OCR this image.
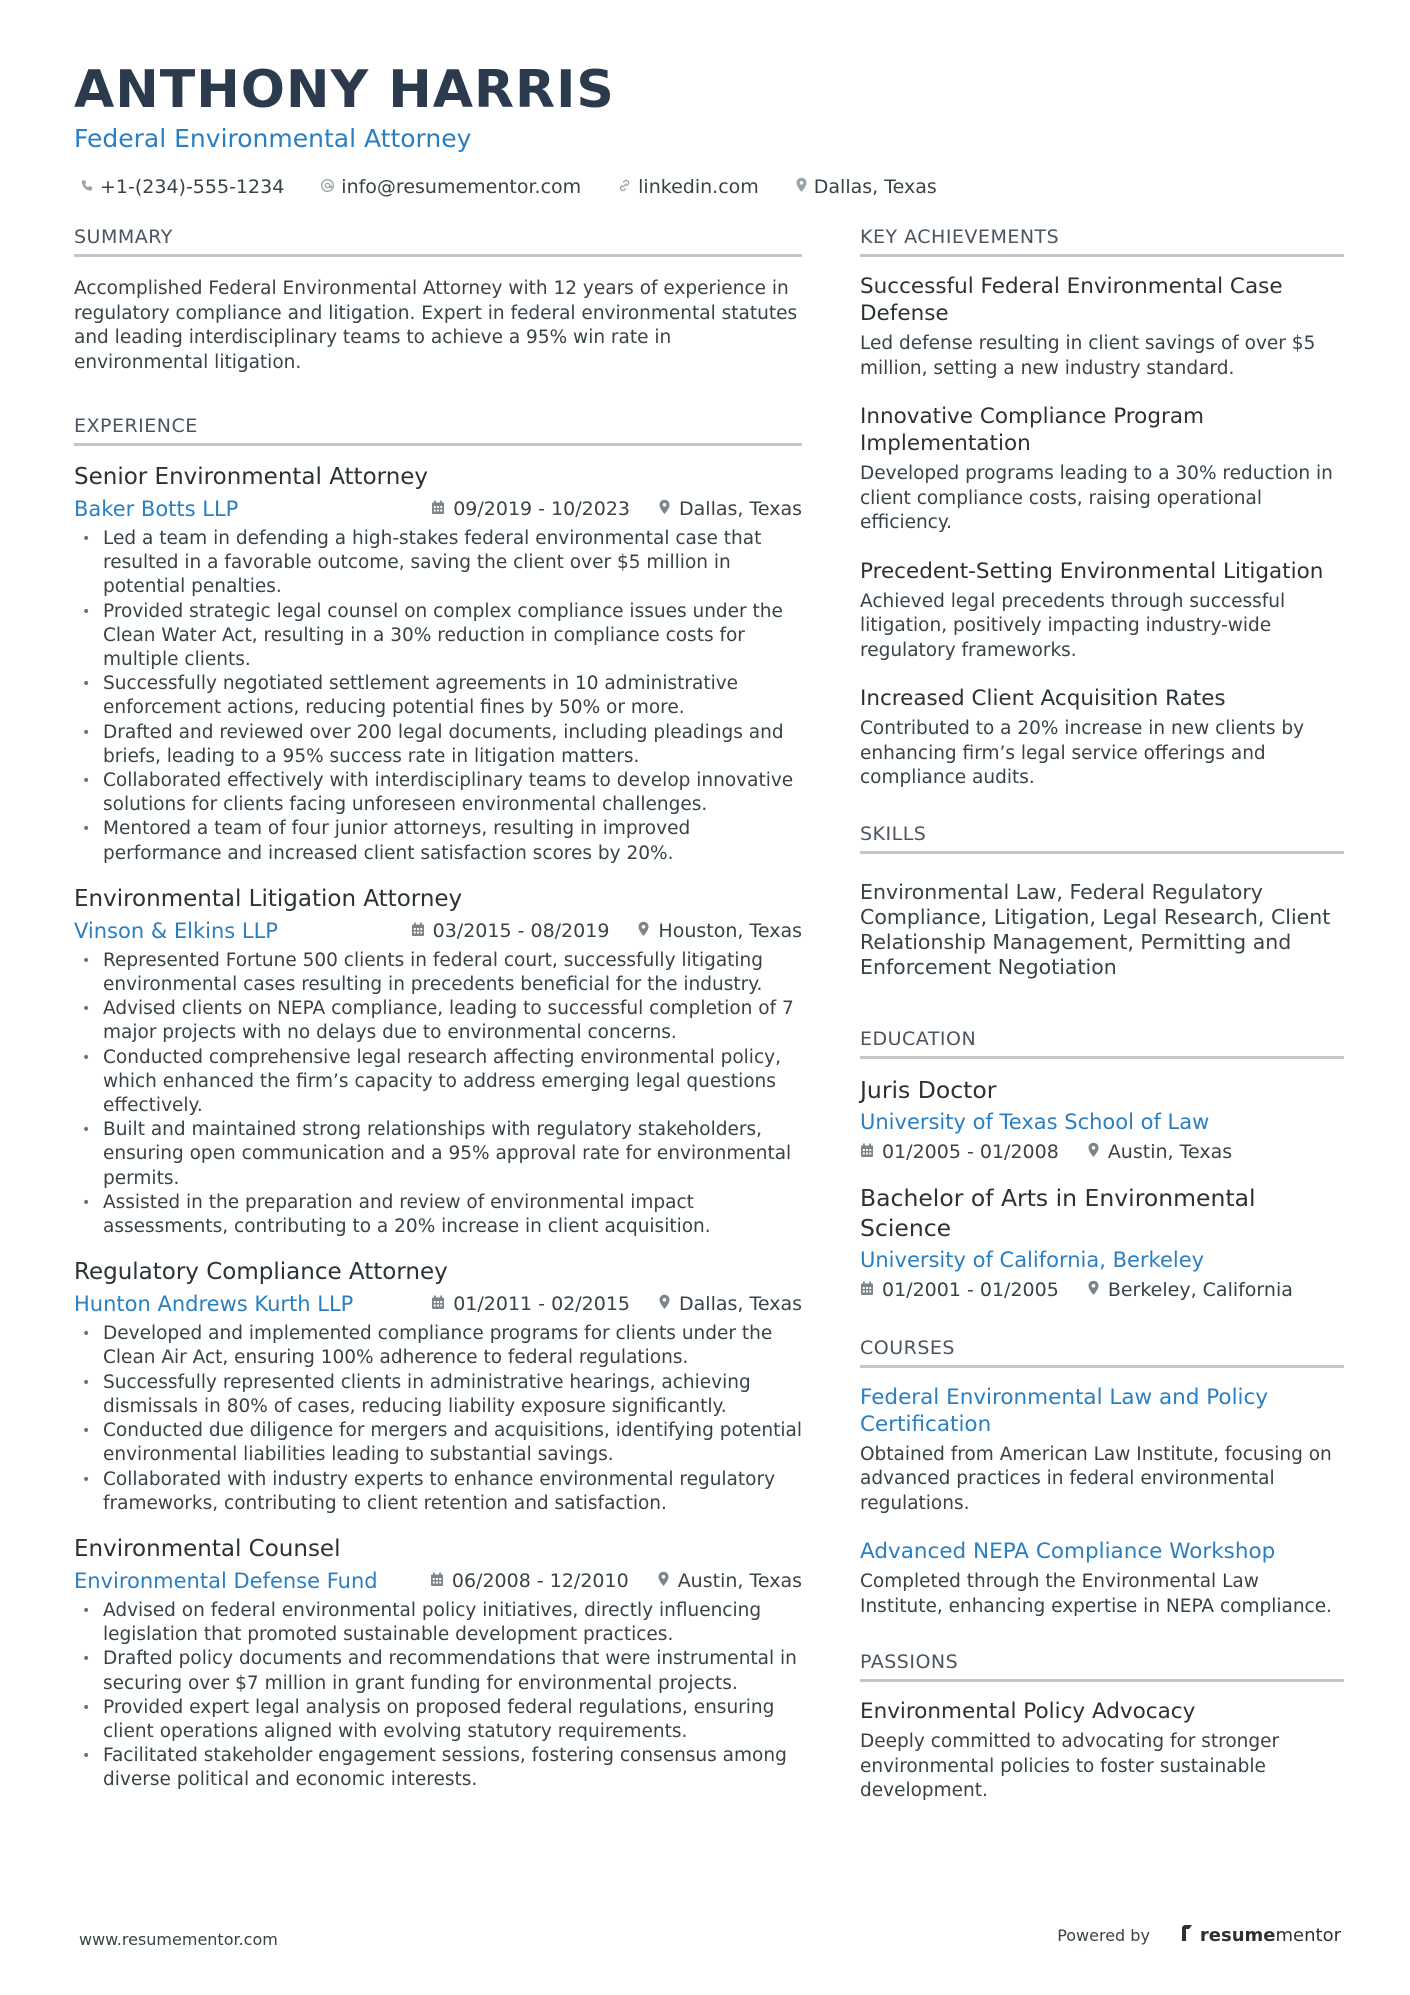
ANTHONY HARRIS
Federal Environmental Attorney
+1-(234)-555-1234	info@resumementor.com	linkedin.com	Dallas, Texas
SUMMARY

Accomplished Federal Environmental Attorney with 12 years of experience in regulatory compliance and litigation. Expert in federal environmental statutes and leading interdisciplinary teams to achieve a 95% win rate in environmental litigation.

EXPERIENCE
Senior Environmental Attorney
Baker Botts LLP	09/2019 - 10/2023	Dallas, Texas
• Led a team in defending a high-stakes federal environmental case that resulted in a favorable outcome, saving the client over $5 million in potential penalties.
• Provided strategic legal counsel on complex compliance issues under the Clean Water Act, resulting in a 30% reduction in compliance costs for multiple clients.
• Successfully negotiated settlement agreements in 10 administrative enforcement actions, reducing potential fines by 50% or more.
• Drafted and reviewed over 200 legal documents, including pleadings and briefs, leading to a 95% success rate in litigation matters.
• Collaborated effectively with interdisciplinary teams to develop innovative solutions for clients facing unforeseen environmental challenges.
• Mentored a team of four junior attorneys, resulting in improved performance and increased client satisfaction scores by 20%.
Environmental Litigation Attorney
Vinson & Elkins LLP	03/2015 - 08/2019	Houston, Texas
• Represented Fortune 500 clients in federal court, successfully litigating environmental cases resulting in precedents beneficial for the industry.
• Advised clients on NEPA compliance, leading to successful completion of 7 major projects with no delays due to environmental concerns.
• Conducted comprehensive legal research affecting environmental policy, which enhanced the firm’s capacity to address emerging legal questions effectively.
• Built and maintained strong relationships with regulatory stakeholders, ensuring open communication and a 95% approval rate for environmental permits.
• Assisted in the preparation and review of environmental impact assessments, contributing to a 20% increase in client acquisition.
Regulatory Compliance Attorney
Hunton Andrews Kurth LLP	01/2011 - 02/2015	Dallas, Texas
• Developed and implemented compliance programs for clients under the Clean Air Act, ensuring 100% adherence to federal regulations.
• Successfully represented clients in administrative hearings, achieving dismissals in 80% of cases, reducing liability exposure significantly.
• Conducted due diligence for mergers and acquisitions, identifying potential environmental liabilities leading to substantial savings.
• Collaborated with industry experts to enhance environmental regulatory frameworks, contributing to client retention and satisfaction.
Environmental Counsel
Environmental Defense Fund	06/2008 - 12/2010	Austin, Texas
• Advised on federal environmental policy initiatives, directly influencing legislation that promoted sustainable development practices.
• Drafted policy documents and recommendations that were instrumental in securing over $7 million in grant funding for environmental projects.
• Provided expert legal analysis on proposed federal regulations, ensuring client operations aligned with evolving statutory requirements.
• Facilitated stakeholder engagement sessions, fostering consensus among diverse political and economic interests.
KEY ACHIEVEMENTS
Successful Federal Environmental Case Defense
Led defense resulting in client savings of over $5 million, setting a new industry standard.
Innovative Compliance Program Implementation
Developed programs leading to a 30% reduction in client compliance costs, raising operational efficiency.
Precedent-Setting Environmental Litigation
Achieved legal precedents through successful litigation, positively impacting industry-wide regulatory frameworks.
Increased Client Acquisition Rates
Contributed to a 20% increase in new clients by enhancing firm’s legal service offerings and compliance audits.
SKILLS
Environmental Law, Federal Regulatory Compliance, Litigation, Legal Research, Client Relationship Management, Permitting and Enforcement Negotiation
EDUCATION
Juris Doctor
University of Texas School of Law
01/2005 - 01/2008	Austin, Texas
Bachelor of Arts in Environmental Science
University of California, Berkeley
01/2001 - 01/2005	Berkeley, California
COURSES
Federal Environmental Law and Policy Certification
Obtained from American Law Institute, focusing on advanced practices in federal environmental regulations.
Advanced NEPA Compliance Workshop
Completed through the Environmental Law Institute, enhancing expertise in NEPA compliance.
PASSIONS
Environmental Policy Advocacy
Deeply committed to advocating for stronger environmental policies to foster sustainable development.
www.resumementor.com	Powered by	resume mentor
